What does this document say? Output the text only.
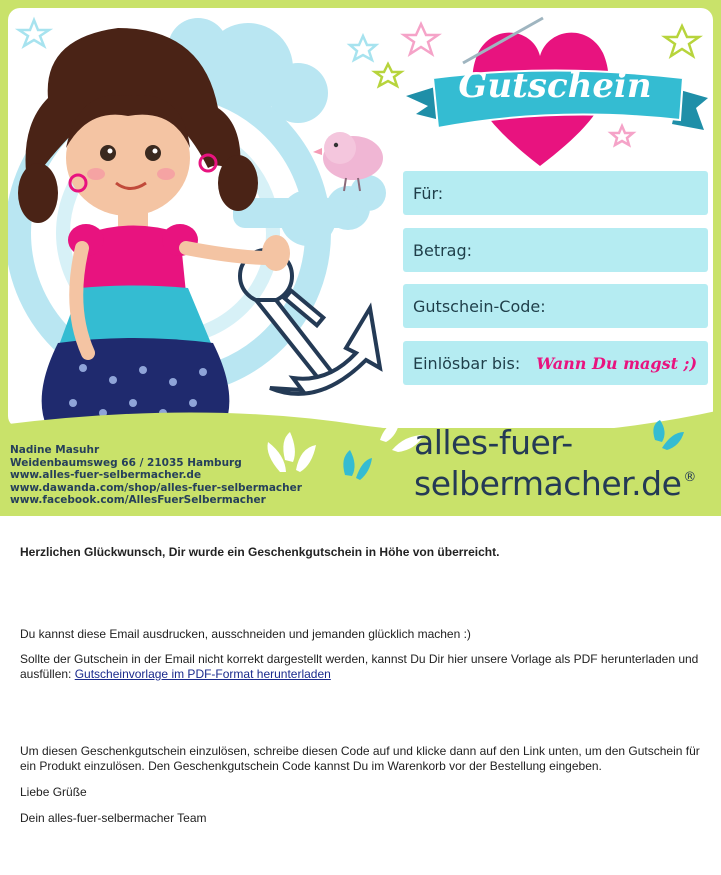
Gutschein
Für:
Betrag:
Gutschein-Code:
Einlösbar bis: Wann Du magst ;)
Nadine Masuhr
Weidenbaumsweg 66 / 21035 Hamburg
www.alles-fuer-selbermacher.de
www.dawanda.com/shop/alles-fuer-selbermacher
www.facebook.com/AllesFuerSelbermacher
alles-fuer-
selbermacher.de ®

Herzlichen Glückwunsch, Dir wurde ein Geschenkgutschein in Höhe von überreicht.

Du kannst diese Email ausdrucken, ausschneiden und jemanden glücklich machen :)

Sollte der Gutschein in der Email nicht korrekt dargestellt werden, kannst Du Dir hier unsere Vorlage als PDF herunterladen und ausfüllen: Gutscheinvorlage im PDF-Format herunterladen

Um diesen Geschenkgutschein einzulösen, schreibe diesen Code auf und klicke dann auf den Link unten, um den Gutschein für ein Produkt einzulösen. Den Geschenkgutschein Code kannst Du im Warenkorb vor der Bestellung eingeben.

Liebe Grüße

Dein alles-fuer-selbermacher Team
